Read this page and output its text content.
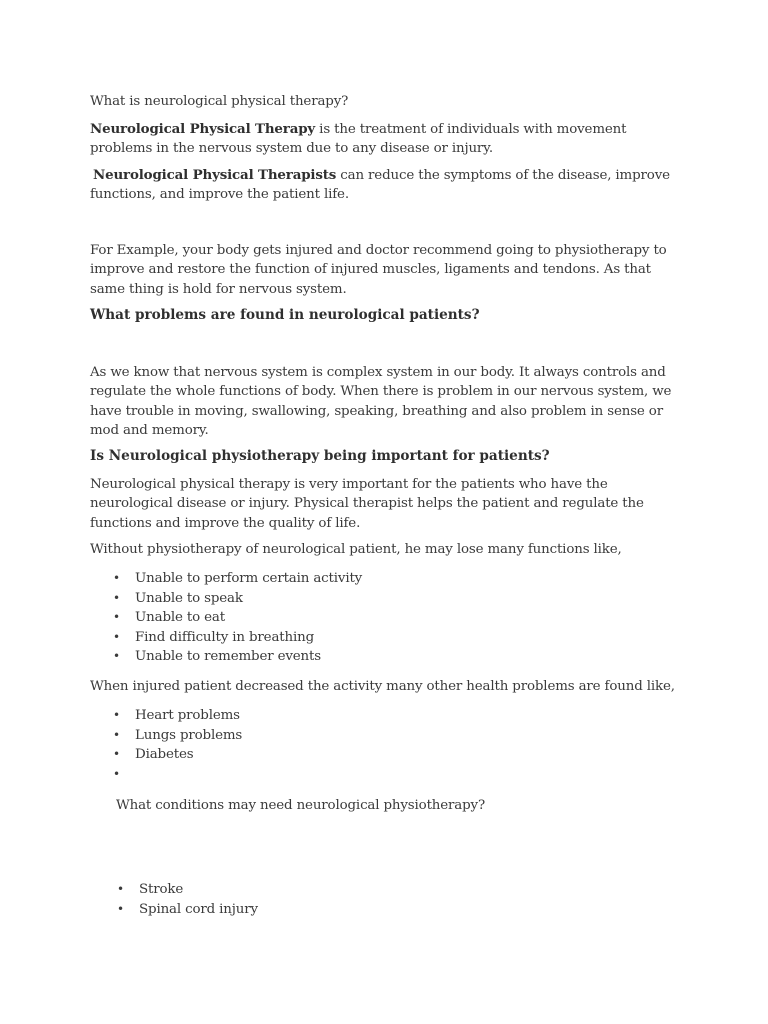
What is neurological physical therapy?

Neurological Physical Therapy is the treatment of individuals with movement problems in the nervous system due to any disease or injury.

Neurological Physical Therapists can reduce the symptoms of the disease, improve functions, and improve the patient life.

For Example, your body gets injured and doctor recommend going to physiotherapy to improve and restore the function of injured muscles, ligaments and tendons. As that same thing is hold for nervous system.

What problems are found in neurological patients?

As we know that nervous system is complex system in our body. It always controls and regulate the whole functions of body. When there is problem in our nervous system, we have trouble in moving, swallowing, speaking, breathing and also problem in sense or mod and memory.

Is Neurological physiotherapy being important for patients?

Neurological physical therapy is very important for the patients who have the neurological disease or injury. Physical therapist helps the patient and regulate the functions and improve the quality of life.

Without physiotherapy of neurological patient, he may lose many functions like,

• Unable to perform certain activity
• Unable to speak
• Unable to eat
• Find difficulty in breathing
• Unable to remember events

When injured patient decreased the activity many other health problems are found like,

• Heart problems
• Lungs problems
• Diabetes
•

What conditions may need neurological physiotherapy?

• Stroke
• Spinal cord injury
